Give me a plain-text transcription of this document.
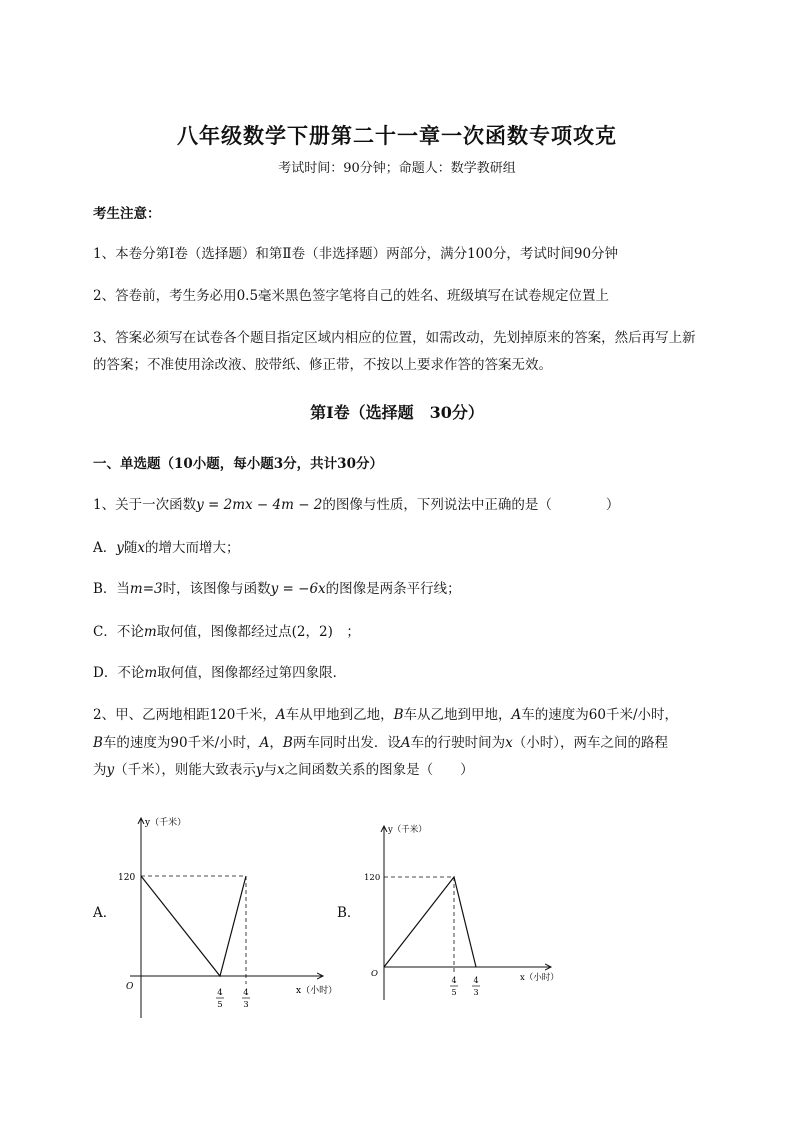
八年级数学下册第二十一章一次函数专项攻克
考试时间：90分钟；命题人：数学教研组
考生注意：
1、本卷分第I卷（选择题）和第Ⅱ卷（非选择题）两部分，满分100分，考试时间90分钟
2、答卷前，考生务必用0.5毫米黑色签字笔将自己的姓名、班级填写在试卷规定位置上
3、答案必须写在试卷各个题目指定区域内相应的位置，如需改动，先划掉原来的答案，然后再写上新
的答案；不准使用涂改液、胶带纸、修正带，不按以上要求作答的答案无效。
第I卷（选择题　30分）
一、单选题（10小题，每小题3分，共计30分）
1、关于一次函数y = 2mx − 4m − 2的图像与性质，下列说法中正确的是（　　　　）
A．y随x的增大而增大；
B．当m=3时，该图像与函数y = −6x的图像是两条平行线；
C．不论m取何值，图像都经过点(2，2)　；
D．不论m取何值，图像都经过第四象限．
2、甲、乙两地相距120千米，A车从甲地到乙地，B车从乙地到甲地，A车的速度为60千米/小时，
B车的速度为90千米/小时，A，B两车同时出发．设A车的行驶时间为x（小时），两车之间的路程
为y（千米），则能大致表示y与x之间函数关系的图象是（　　）
A．	B．
y（千米）
120
O	x（小时）
4
5
4
3
y（千米）
120
O	x（小时）
4
5
4
3
